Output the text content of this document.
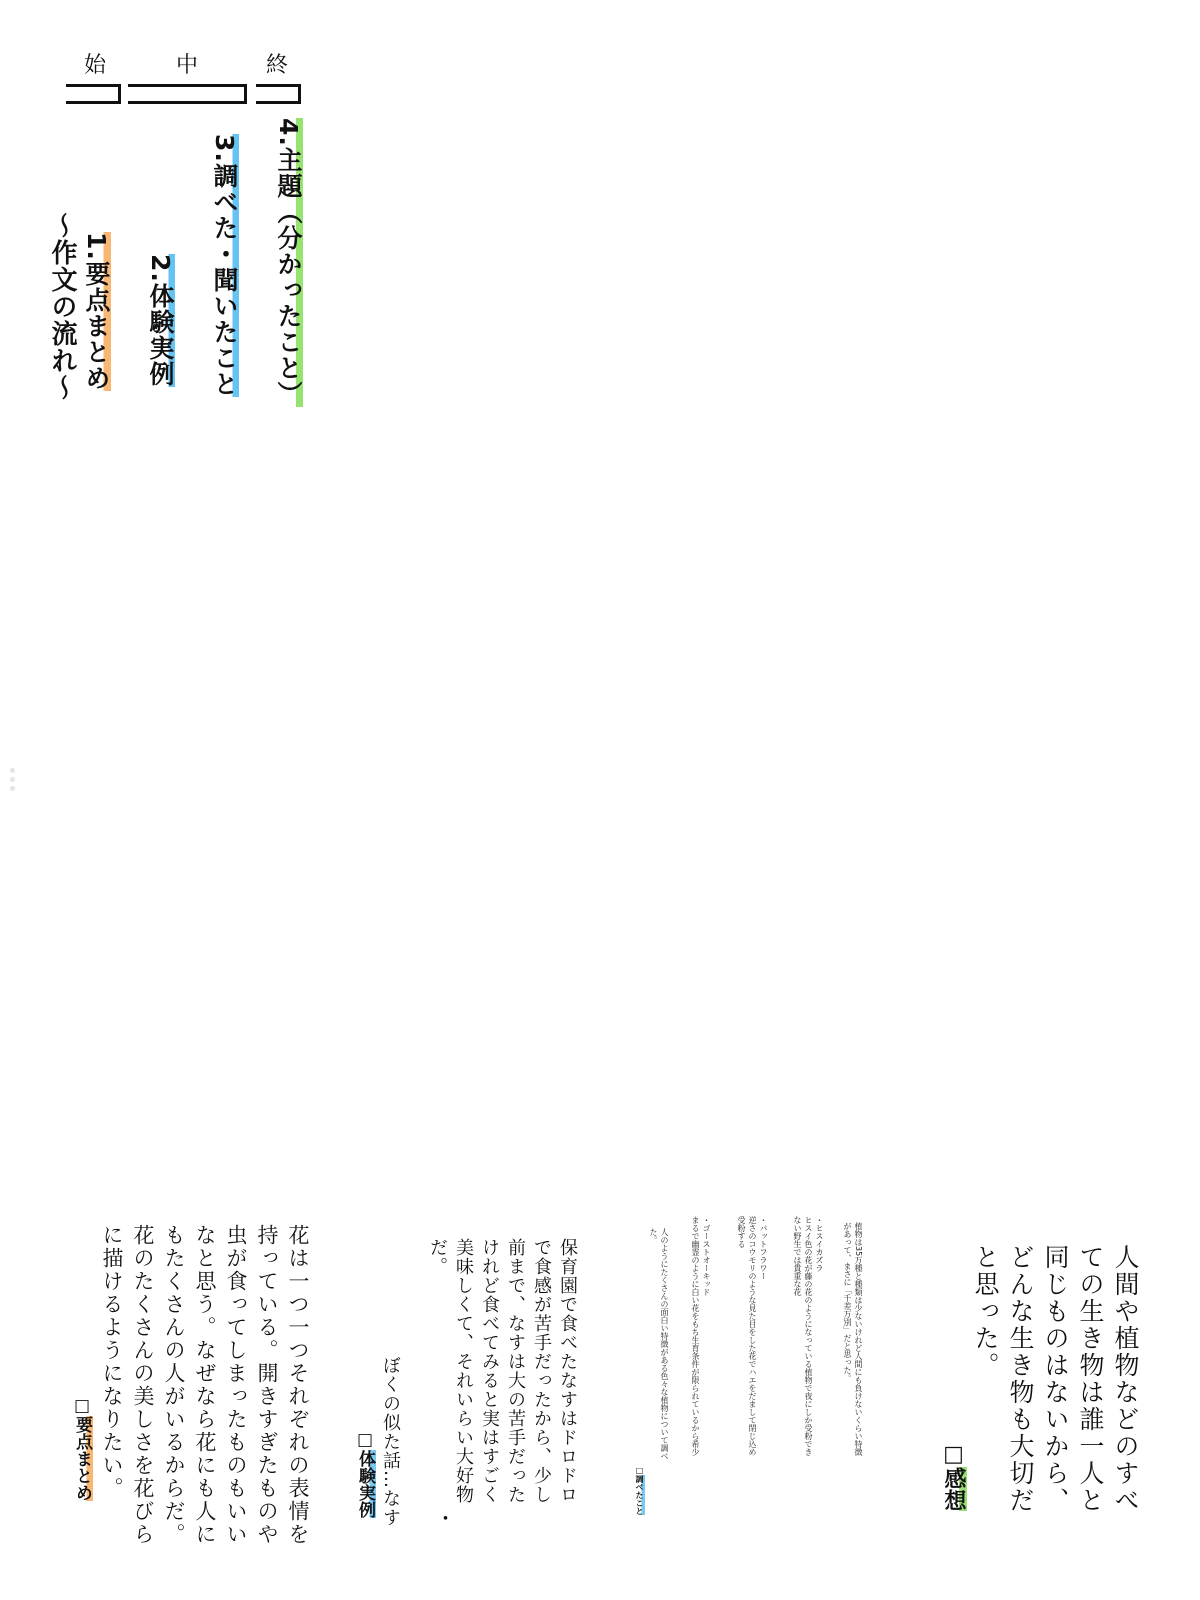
〜作文の流れ〜 1.要点まとめ 2.体験実例

3.調べた・聞いたこと

4.主題（分かったこと）

始	中	終

□要点まとめ	花は一つ一つそれぞれの表情を
持っている。開きすぎたものや
虫が食ってしまったものもいい
なと思う。なぜなら花にも人に
もたくさんの人がいるからだ。
花のたくさんの美しさを花びら
に描けるようになりたい。	□体験実例 ぼくの似た話…なす ・
保育園で食べたなすはドロドロ
で食感が苦手だったから、少し
前まで、なすは大の苦手だった
けれど食べてみると実はすごく
美味しくて、それいらい大好物
だ。

□調べたこと

人のようにたくさんの面白い特徴がある色々な植物について調べ
た。	・ゴーストオーキッド
まるで幽霊のように白い花をもち生育条件が限られているから希少	・バットフラワー
逆さのコウモリのような見た目をした花でハエをだまして閉じ込め
受粉する	・ヒスイカズラ
ヒスイ色の花が藤の花のようになっている植物で夜にしか受粉でき
ない野生では貴重な花	植物は35万種と種類は少ないけれど人間にも負けないくらい特徴
があって、まさに「千差万別」だと思った。

□感想	人間や植物などのすべ
ての生き物は誰一人と
同じものはないから、
どんな生き物も大切だ
と思った。
